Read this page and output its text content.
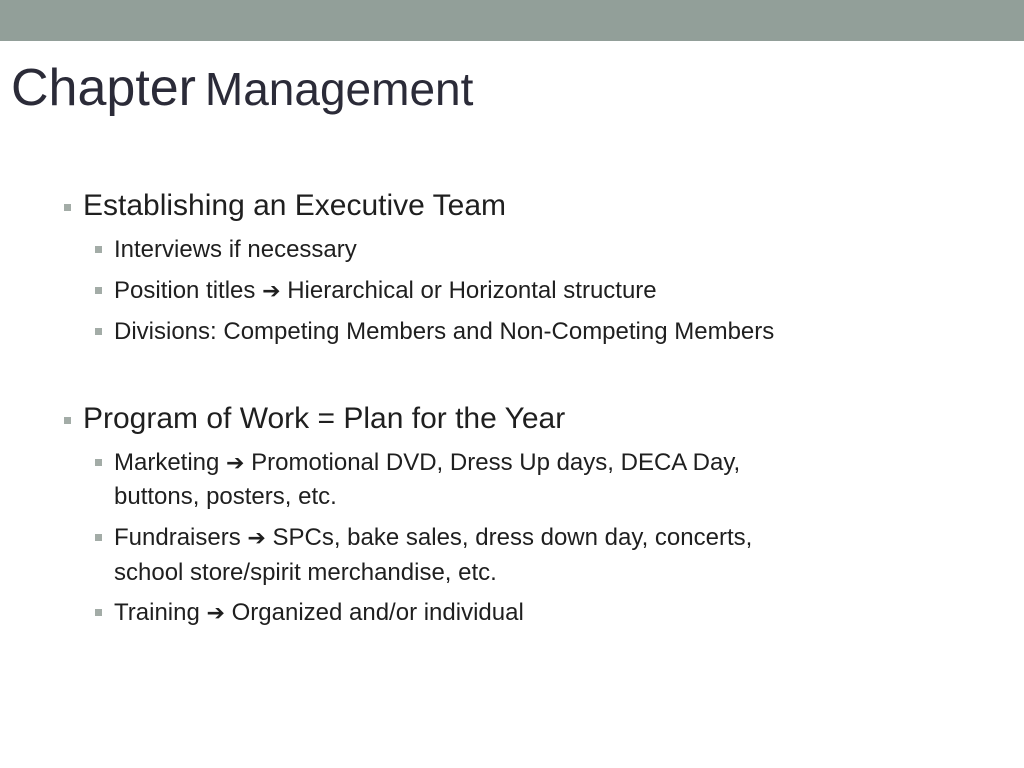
Chapter Management
Establishing an Executive Team
Interviews if necessary
Position titles ➔ Hierarchical or Horizontal structure
Divisions: Competing Members and Non-Competing Members
Program of Work = Plan for the Year
Marketing ➔ Promotional DVD, Dress Up days, DECA Day,
buttons, posters, etc.
Fundraisers ➔ SPCs, bake sales, dress down day, concerts,
school store/spirit merchandise, etc.
Training ➔ Organized and/or individual
